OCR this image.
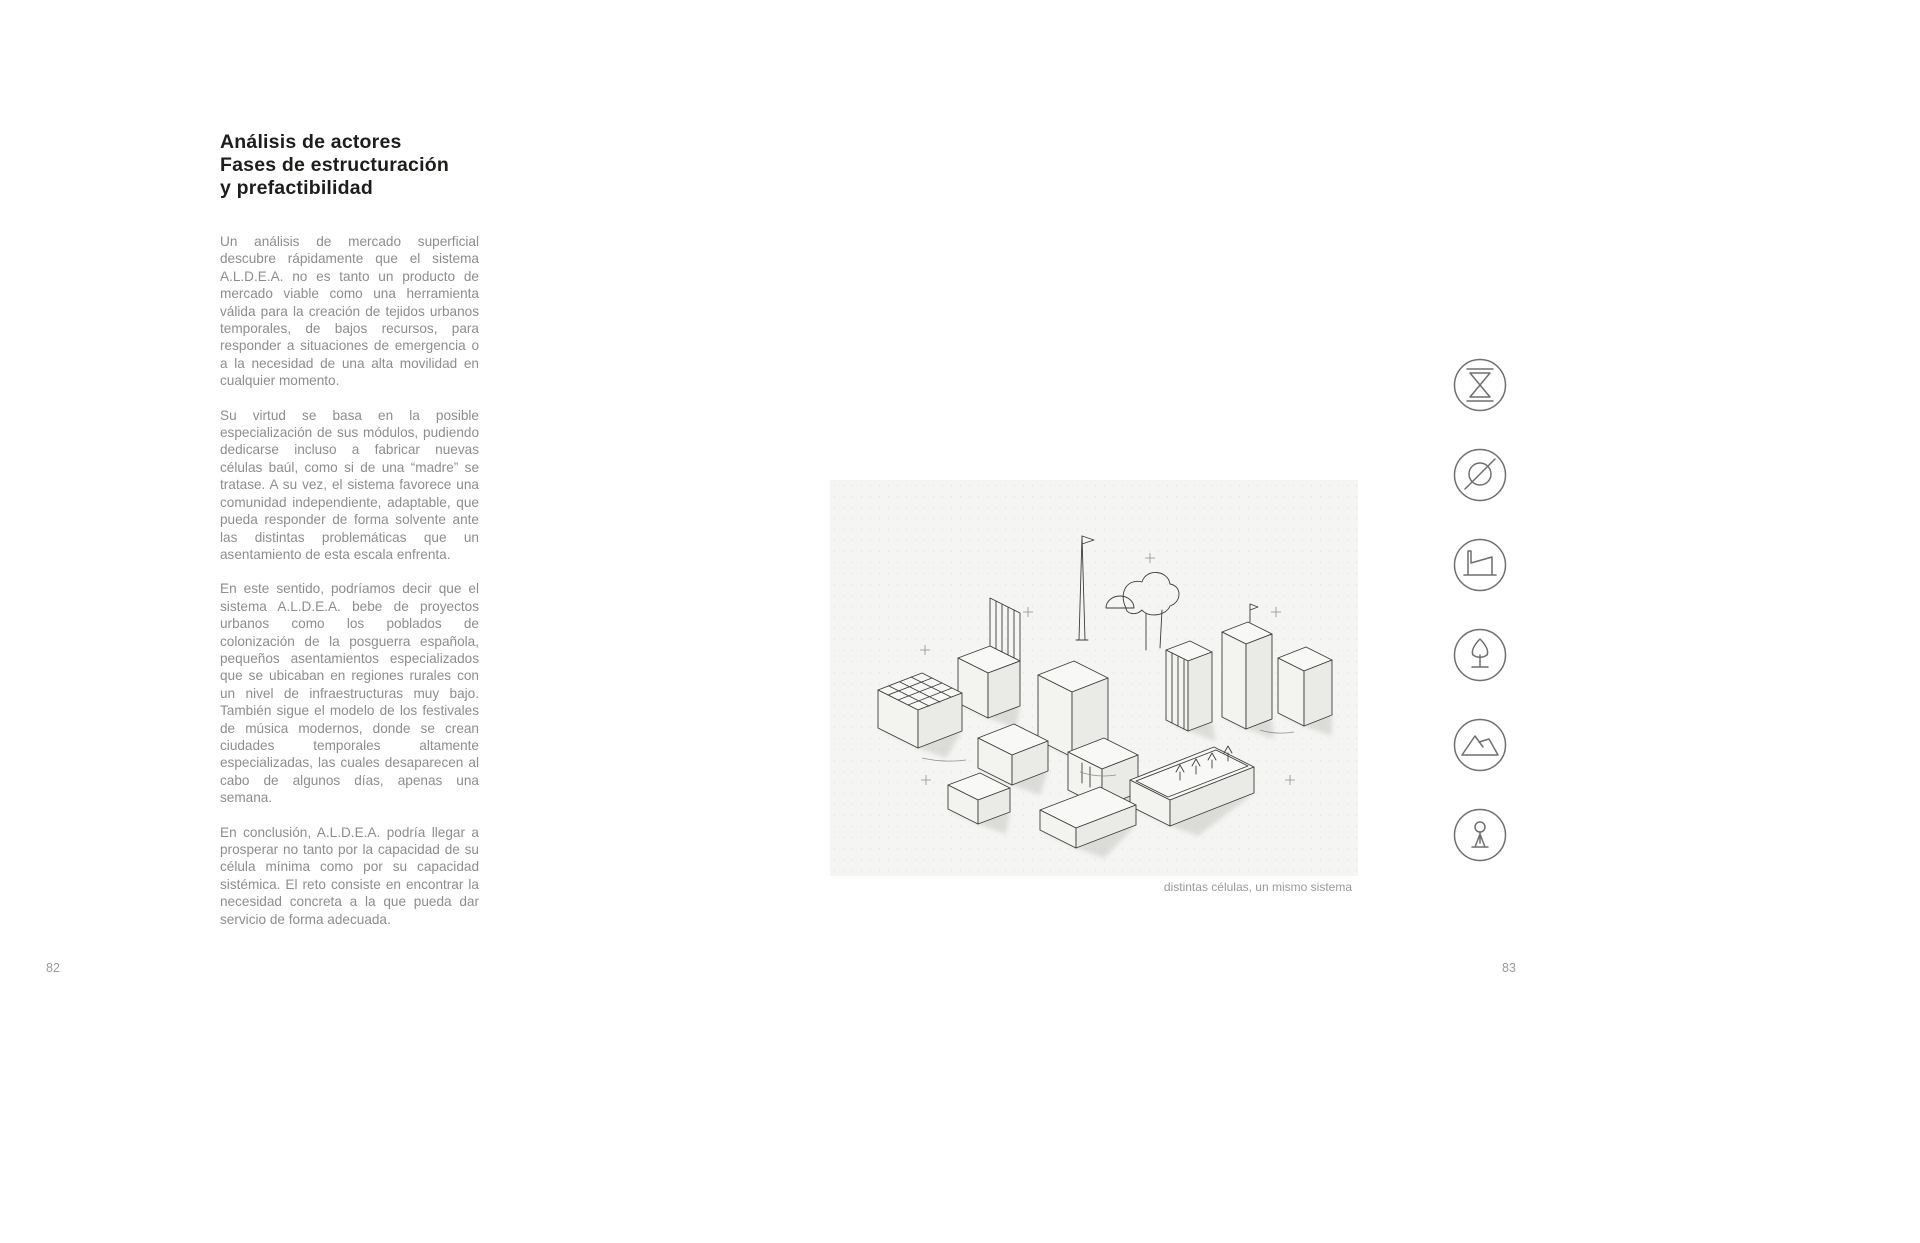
Análisis de actores
Fases de estructuración
y prefactibilidad

Un análisis de mercado superficial descubre rápidamente que el sistema A.L.D.E.A. no es tanto un producto de mercado viable como una herramienta válida para la creación de tejidos urbanos temporales, de bajos recursos, para responder a situaciones de emergencia o a la necesidad de una alta movilidad en cualquier momento.

Su virtud se basa en la posible especialización de sus módulos, pudiendo dedicarse incluso a fabricar nuevas células baúl, como si de una “madre” se tratase. A su vez, el sistema favorece una comunidad independiente, adaptable, que pueda responder de forma solvente ante las distintas problemáticas que un asentamiento de esta escala enfrenta.

En este sentido, podríamos decir que el sistema A.L.D.E.A. bebe de proyectos urbanos como los poblados de colonización de la posguerra española, pequeños asentamientos especializados que se ubicaban en regiones rurales con un nivel de infraestructuras muy bajo. También sigue el modelo de los festivales de música modernos, donde se crean ciudades temporales altamente especializadas, las cuales desaparecen al cabo de algunos días, apenas una semana.

En conclusión, A.L.D.E.A. podría llegar a prosperar no tanto por la capacidad de su célula mínima como por su capacidad sistémica. El reto consiste en encontrar la necesidad concreta a la que pueda dar servicio de forma adecuada.

distintas células, un mismo sistema
82	83
